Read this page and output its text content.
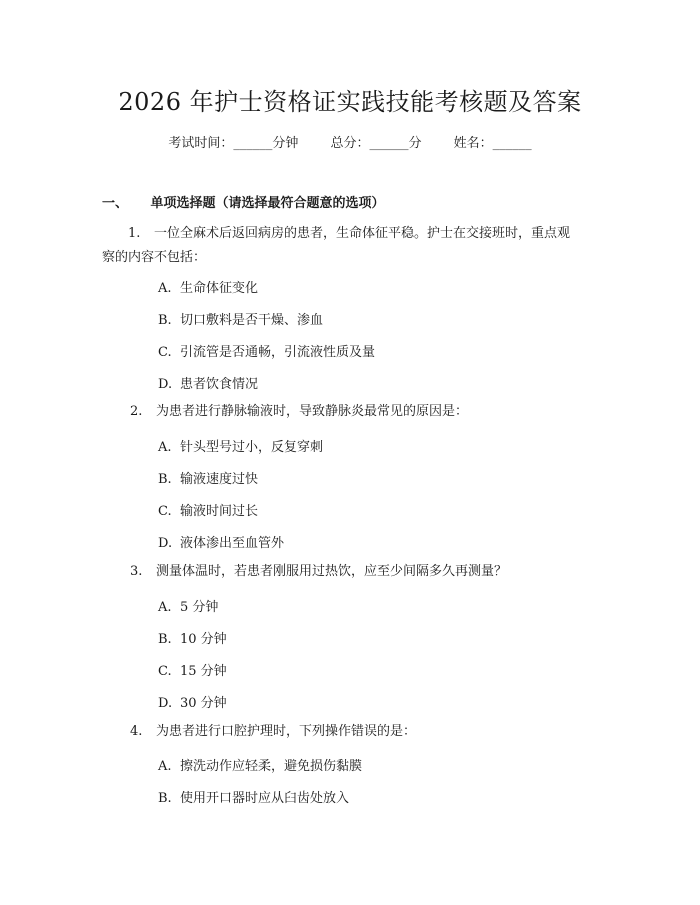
2026 年护士资格证实践技能考核题及答案
考试时间：______分钟 总分：______分 姓名：______
一、 单项选择题（请选择最符合题意的选项）
1. 一位全麻术后返回病房的患者，生命体征平稳。护士在交接班时，重点观
察的内容不包括：
A. 生命体征变化
B. 切口敷料是否干燥、渗血
C. 引流管是否通畅，引流液性质及量
D. 患者饮食情况
2. 为患者进行静脉输液时，导致静脉炎最常见的原因是：
A. 针头型号过小，反复穿刺
B. 输液速度过快
C. 输液时间过长
D. 液体渗出至血管外
3. 测量体温时，若患者刚服用过热饮，应至少间隔多久再测量？
A. 5 分钟
B. 10 分钟
C. 15 分钟
D. 30 分钟
4. 为患者进行口腔护理时，下列操作错误的是：
A. 擦洗动作应轻柔，避免损伤黏膜
B. 使用开口器时应从臼齿处放入
